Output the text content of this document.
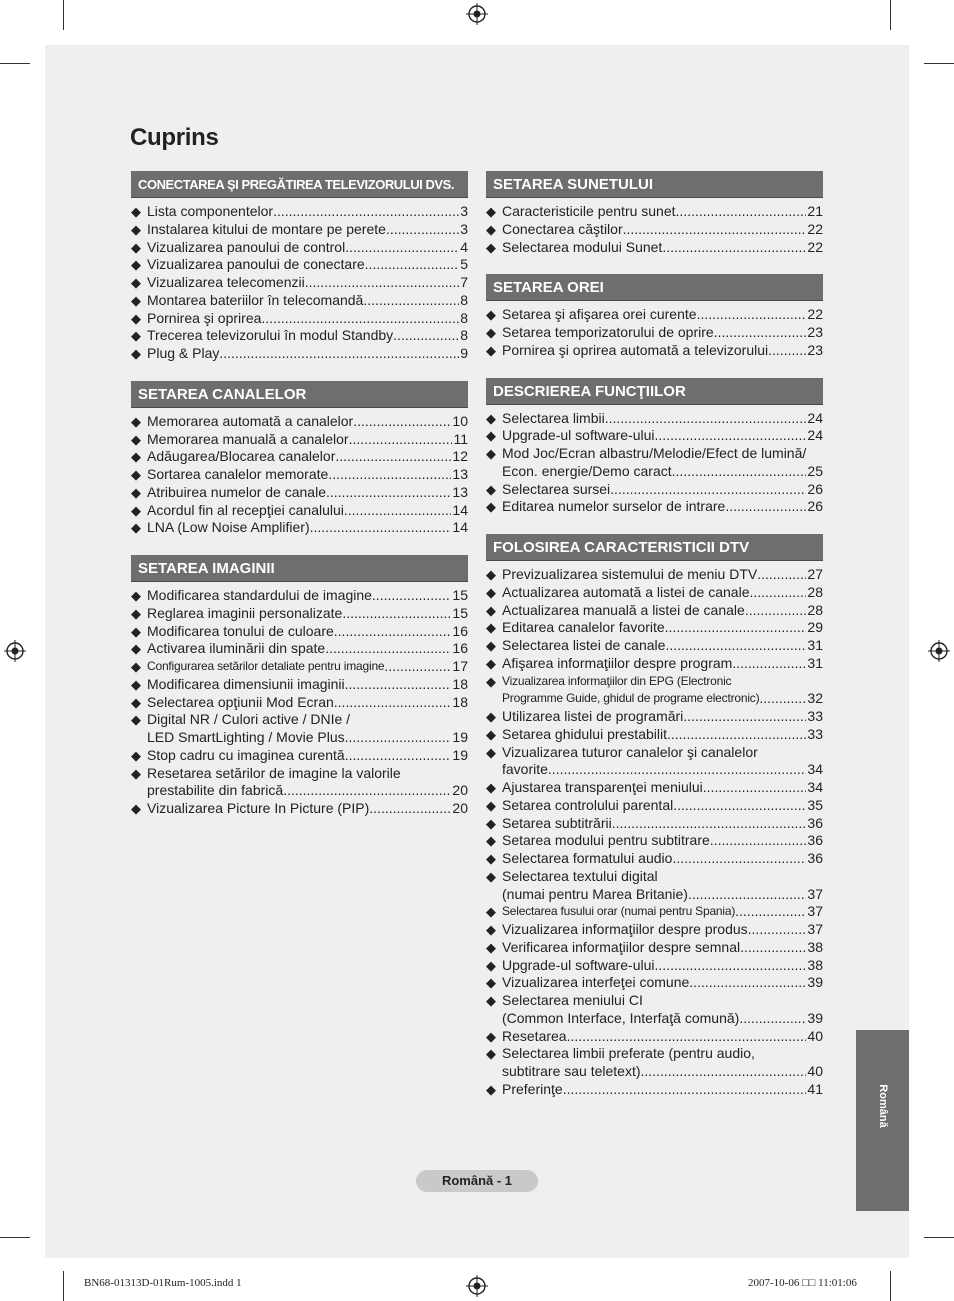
Cuprins
CONECTAREA ŞI PREGĂTIREA TELEVIZORULUI DVS.
◆ Lista componentelor .....	3
◆ Instalarea kitului de montare pe perete .....	3
◆ Vizualizarea panoului de control .....	4
◆ Vizualizarea panoului de conectare .....	5
◆ Vizualizarea telecomenzii .....	7
◆ Montarea bateriilor în telecomandă .....	8
◆ Pornirea şi oprirea .....	8
◆ Trecerea televizorului în modul Standby .....	8
◆ Plug & Play .....	9
SETAREA CANALELOR
◆ Memorarea automată a canalelor .....	10
◆ Memorarea manuală a canalelor .....	11
◆ Adăugarea/Blocarea canalelor .....	12
◆ Sortarea canalelor memorate .....	13
◆ Atribuirea numelor de canale .....	13
◆ Acordul fin al recepţiei canalului .....	14
◆ LNA (Low Noise Amplifier) .....	14
SETAREA IMAGINII
◆ Modificarea standardului de imagine .....	15
◆ Reglarea imaginii personalizate .....	15
◆ Modificarea tonului de culoare .....	16
◆ Activarea iluminării din spate .....	16
◆ Configurarea setărilor detaliate pentru imagine .....	17
◆ Modificarea dimensiunii imaginii .....	18
◆ Selectarea opţiunii Mod Ecran .....	18
◆ Digital NR / Culori active / DNIe /
LED SmartLighting / Movie Plus .....	19
◆ Stop cadru cu imaginea curentă .....	19
◆ Resetarea setărilor de imagine la valorile
prestabilite din fabrică .....	20
◆ Vizualizarea Picture In Picture (PIP) .....	20
SETAREA SUNETULUI
◆ Caracteristicile pentru sunet .....	21
◆ Conectarea căştilor .....	22
◆ Selectarea modului Sunet .....	22
SETAREA OREI
◆ Setarea şi afişarea orei curente .....	22
◆ Setarea temporizatorului de oprire .....	23
◆ Pornirea şi oprirea automată a televizorului .....	23
DESCRIEREA FUNCŢIILOR
◆ Selectarea limbii .....	24
◆ Upgrade-ul software-ului .....	24
◆ Mod Joc/Ecran albastru/Melodie/Efect de lumină/
Econ. energie/Demo caract. .....	25
◆ Selectarea sursei .....	26
◆ Editarea numelor surselor de intrare .....	26
FOLOSIREA CARACTERISTICII DTV
◆ Previzualizarea sistemului de meniu DTV .....	27
◆ Actualizarea automată a listei de canale .....	28
◆ Actualizarea manuală a listei de canale .....	28
◆ Editarea canalelor favorite .....	29
◆ Selectarea listei de canale .....	31
◆ Afişarea informaţiilor despre program .....	31
◆ Vizualizarea informaţiilor din EPG (Electronic
Programme Guide, ghidul de programe electronic) .....	32
◆ Utilizarea listei de programări .....	33
◆ Setarea ghidului prestabilit .....	33
◆ Vizualizarea tuturor canalelor şi canalelor
favorite .....	34
◆ Ajustarea transparenţei meniului .....	34
◆ Setarea controlului parental .....	35
◆ Setarea subtitrării .....	36
◆ Setarea modului pentru subtitrare .....	36
◆ Selectarea formatului audio .....	36
◆ Selectarea textului digital
(numai pentru Marea Britanie) .....	37
◆ Selectarea fusului orar (numai pentru Spania) .....	37
◆ Vizualizarea informaţiilor despre produs .....	37
◆ Verificarea informaţiilor despre semnal .....	38
◆ Upgrade-ul software-ului .....	38
◆ Vizualizarea interfeţei comune .....	39
◆ Selectarea meniului CI
(Common Interface, Interfaţă comună) .....	39
◆ Resetarea .....	40
◆ Selectarea limbii preferate (pentru audio,
subtitrare sau teletext) .....	40
◆ Preferinţe .....	41	Română
Română - 1
BN68-01313D-01Rum-1005.indd 1	2007-10-06 □□ 11:01:06
